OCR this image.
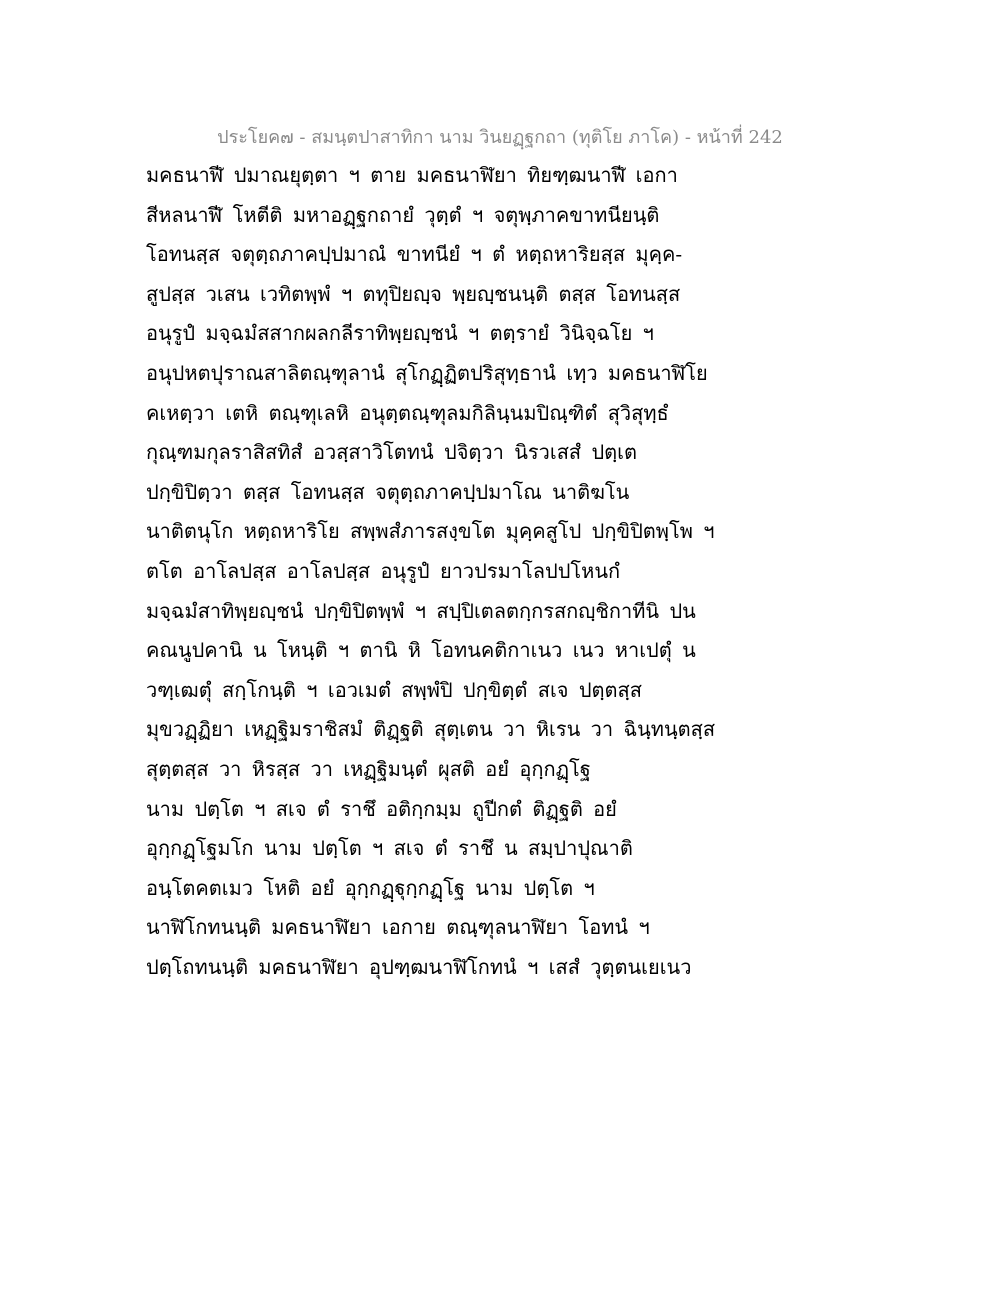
ประโยค๗ - สมนฺตปาสาทิกา นาม วินยฏฺฐกถา (ทุติโย ภาโค) - หน้าที่ 242
มคธนาฬี ปมาณยุตฺตา ฯ ตาย มคธนาฬิยา ทิยฑฺฒนาฬี เอกา
สีหลนาฬี โหตีติ มหาอฏฺฐกถายํ วุตฺตํ ฯ จตุพฺภาคขาทนียนฺติ
โอทนสฺส จตุตฺถภาคปฺปมาณํ ขาทนียํ ฯ ตํ หตฺถหาริยสฺส มุคฺค-
สูปสฺส วเสน เวทิตพฺพํ ฯ ตทุปิยญฺจ พฺยญฺชนนฺติ ตสฺส โอทนสฺส
อนุรูปํ มจฺฉมํสสากผลกลีราทิพฺยญฺชนํ ฯ ตตฺรายํ วินิจฺฉโย ฯ
อนุปหตปุราณสาลิตณฺฑุลานํ สุโกฏฺฏิตปริสุทฺธานํ เทฺว มคธนาฬิโย
คเหตฺวา เตหิ ตณฺฑุเลหิ อนุตฺตณฺฑุลมกิลินฺนมปิณฺฑิตํ สุวิสุทฺธํ
กุณฺฑมกุลราสิสทิสํ อวสฺสาวิโตทนํ ปจิตฺวา นิรวเสสํ ปตฺเต
ปกฺขิปิตฺวา ตสฺส โอทนสฺส จตุตฺถภาคปฺปมาโณ นาติฆโน
นาติตนุโก หตฺถหาริโย สพฺพสํภารสงฺขโต มุคฺคสูโป ปกฺขิปิตพฺโพ ฯ
ตโต อาโลปสฺส อาโลปสฺส อนุรูปํ ยาวปรมาโลปปโหนกํ
มจฺฉมํสาทิพฺยญฺชนํ ปกฺขิปิตพฺพํ ฯ สปฺปิเตลตกฺกรสกญฺชิกาทีนิ ปน
คณนูปคานิ น โหนฺติ ฯ ตานิ หิ โอทนคติกาเนว เนว หาเปตุํ น
วฑฺเฒตุํ สกฺโกนฺติ ฯ เอวเมตํ สพฺพํปิ ปกฺขิตฺตํ สเจ ปตฺตสฺส
มุขวฏฺฏิยา เหฏฺฐิมราชิสมํ ติฏฺฐติ สุตฺเตน วา หิเรน วา ฉินฺทนฺตสฺส
สุตฺตสฺส วา หิรสฺส วา เหฏฺฐิมนฺตํ ผุสติ อยํ อุกฺกฏฺโฐ
นาม ปตฺโต ฯ สเจ ตํ ราชึ อติกฺกมฺม ถูปีกตํ ติฏฺฐติ อยํ
อุกฺกฏฺโฐมโก นาม ปตฺโต ฯ สเจ ตํ ราชึ น สมฺปาปุณาติ
อนฺโตคตเมว โหติ อยํ อุกฺกฏฺฐุกฺกฏฺโฐ นาม ปตฺโต ฯ
นาฬิโกทนนฺติ มคธนาฬิยา เอกาย ตณฺฑุลนาฬิยา โอทนํ ฯ
ปตฺโถทนนฺติ มคธนาฬิยา อุปฑฺฒนาฬิโกทนํ ฯ เสสํ วุตฺตนเยเนว
